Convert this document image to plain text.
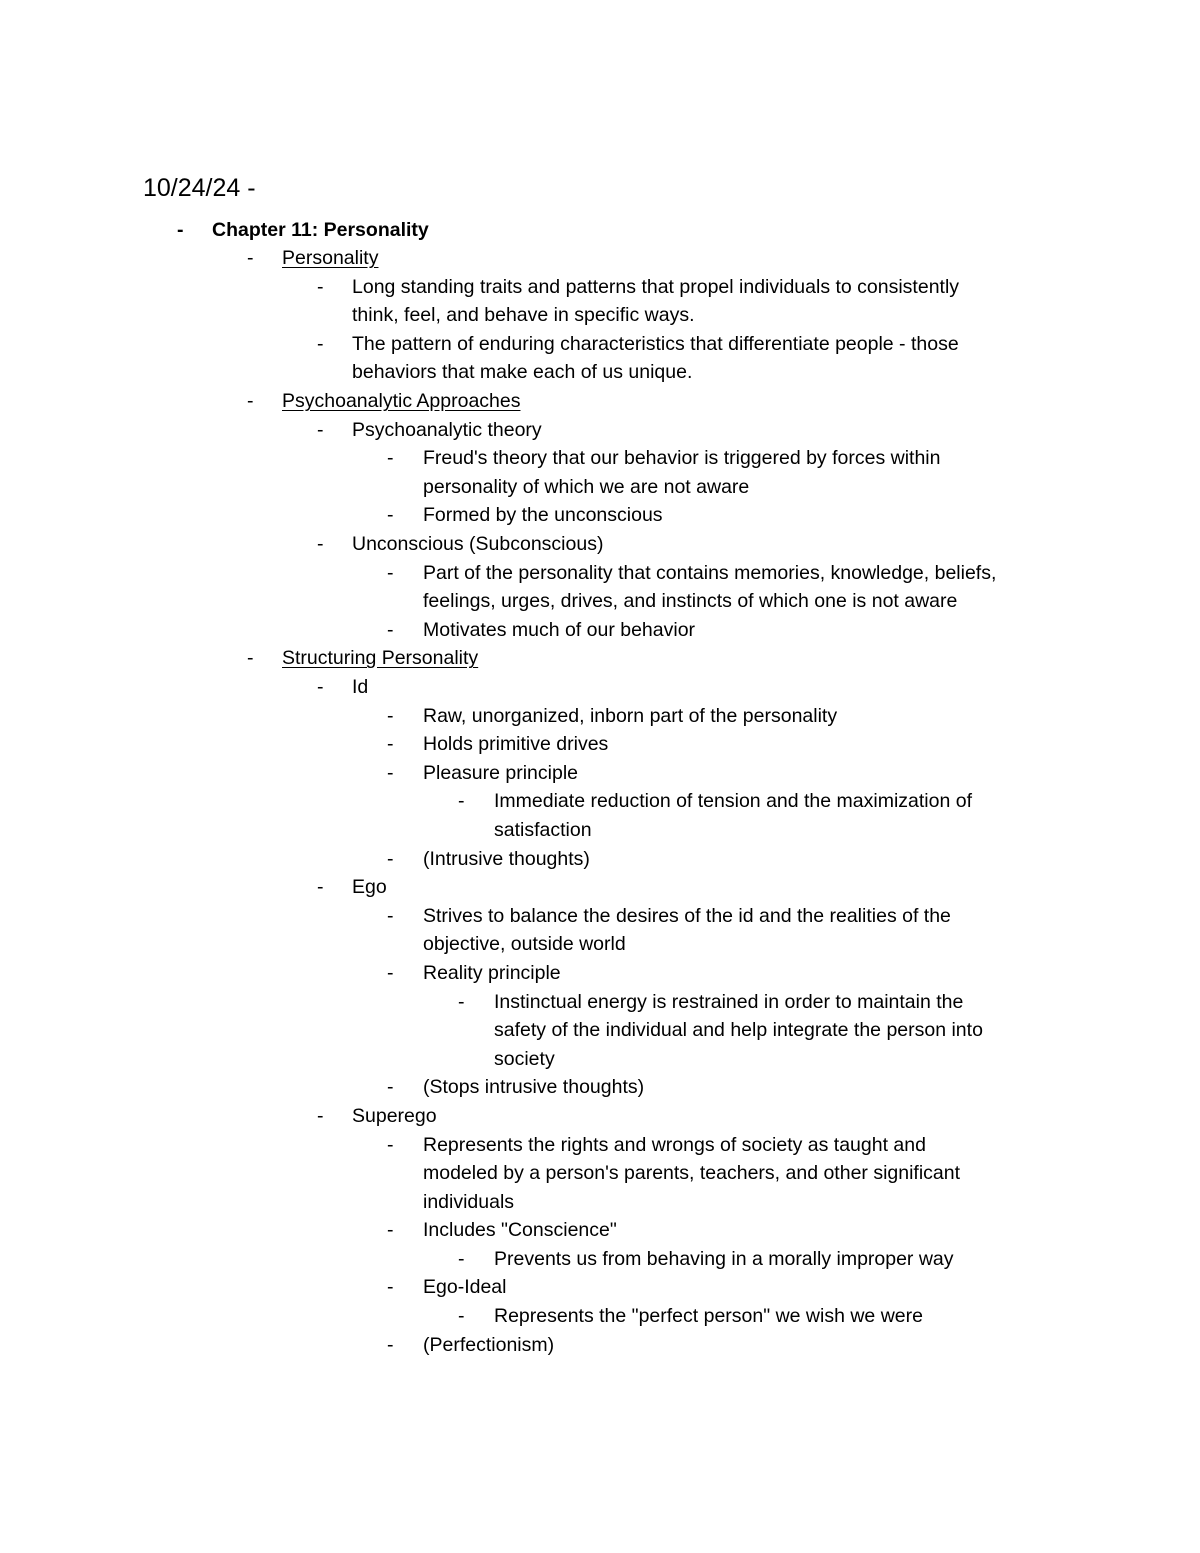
10/24/24 -
- Chapter 11: Personality
- Personality
- Long standing traits and patterns that propel individuals to consistently
think, feel, and behave in specific ways.
- The pattern of enduring characteristics that differentiate people - those
behaviors that make each of us unique.
- Psychoanalytic Approaches
- Psychoanalytic theory
- Freud's theory that our behavior is triggered by forces within
personality of which we are not aware
- Formed by the unconscious
- Unconscious (Subconscious)
- Part of the personality that contains memories, knowledge, beliefs,
feelings, urges, drives, and instincts of which one is not aware
- Motivates much of our behavior
- Structuring Personality
- Id
- Raw, unorganized, inborn part of the personality
- Holds primitive drives
- Pleasure principle
- Immediate reduction of tension and the maximization of
satisfaction
- (Intrusive thoughts)
- Ego
- Strives to balance the desires of the id and the realities of the
objective, outside world
- Reality principle
- Instinctual energy is restrained in order to maintain the
safety of the individual and help integrate the person into
society
- (Stops intrusive thoughts)
- Superego
- Represents the rights and wrongs of society as taught and
modeled by a person's parents, teachers, and other significant
individuals
- Includes "Conscience"
- Prevents us from behaving in a morally improper way
- Ego-Ideal
- Represents the "perfect person" we wish we were
- (Perfectionism)
